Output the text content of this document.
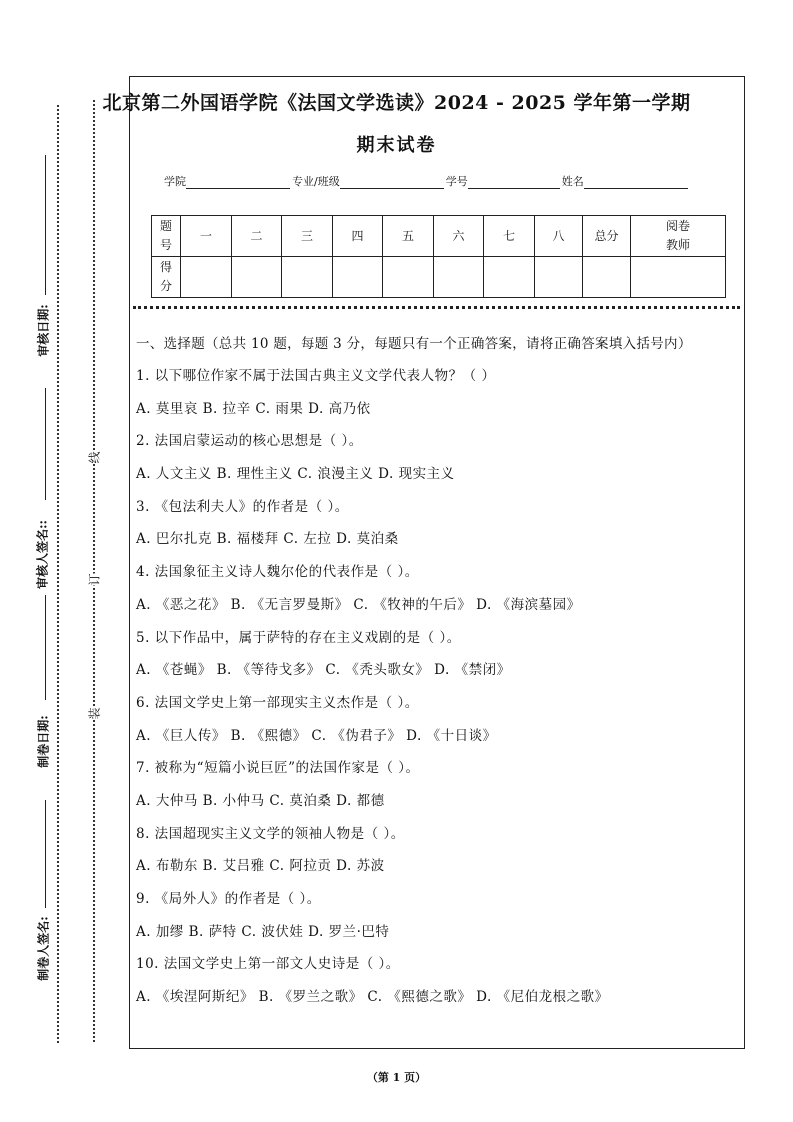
审核日期:
审核人签名::
制卷日期:
制卷人签名:
线
订
装
北京第二外国语学院《法国文学选读》2024 - 2025 学年第一学期
期末试卷
学院	专业/班级	学号	姓名
题号	一	二	三	四	五	六	七	八	总分	阅卷教师
得分										
一、选择题（总共 10 题，每题 3 分，每题只有一个正确答案，请将正确答案填入括号内）
1. 以下哪位作家不属于法国古典主义文学代表人物？（ ）
A. 莫里哀 B. 拉辛 C. 雨果 D. 高乃依
2. 法国启蒙运动的核心思想是（ ）。
A. 人文主义 B. 理性主义 C. 浪漫主义 D. 现实主义
3. 《包法利夫人》的作者是（ ）。
A. 巴尔扎克 B. 福楼拜 C. 左拉 D. 莫泊桑
4. 法国象征主义诗人魏尔伦的代表作是（ ）。
A. 《恶之花》 B. 《无言罗曼斯》 C. 《牧神的午后》 D. 《海滨墓园》
5. 以下作品中，属于萨特的存在主义戏剧的是（ ）。
A. 《苍蝇》 B. 《等待戈多》 C. 《秃头歌女》 D. 《禁闭》
6. 法国文学史上第一部现实主义杰作是（ ）。
A. 《巨人传》 B. 《熙德》 C. 《伪君子》 D. 《十日谈》
7. 被称为“短篇小说巨匠”的法国作家是（ ）。
A. 大仲马 B. 小仲马 C. 莫泊桑 D. 都德
8. 法国超现实主义文学的领袖人物是（ ）。
A. 布勒东 B. 艾吕雅 C. 阿拉贡 D. 苏波
9. 《局外人》的作者是（ ）。
A. 加缪 B. 萨特 C. 波伏娃 D. 罗兰·巴特
10. 法国文学史上第一部文人史诗是（ ）。
A. 《埃涅阿斯纪》 B. 《罗兰之歌》 C. 《熙德之歌》 D. 《尼伯龙根之歌》
（第 1 页）
